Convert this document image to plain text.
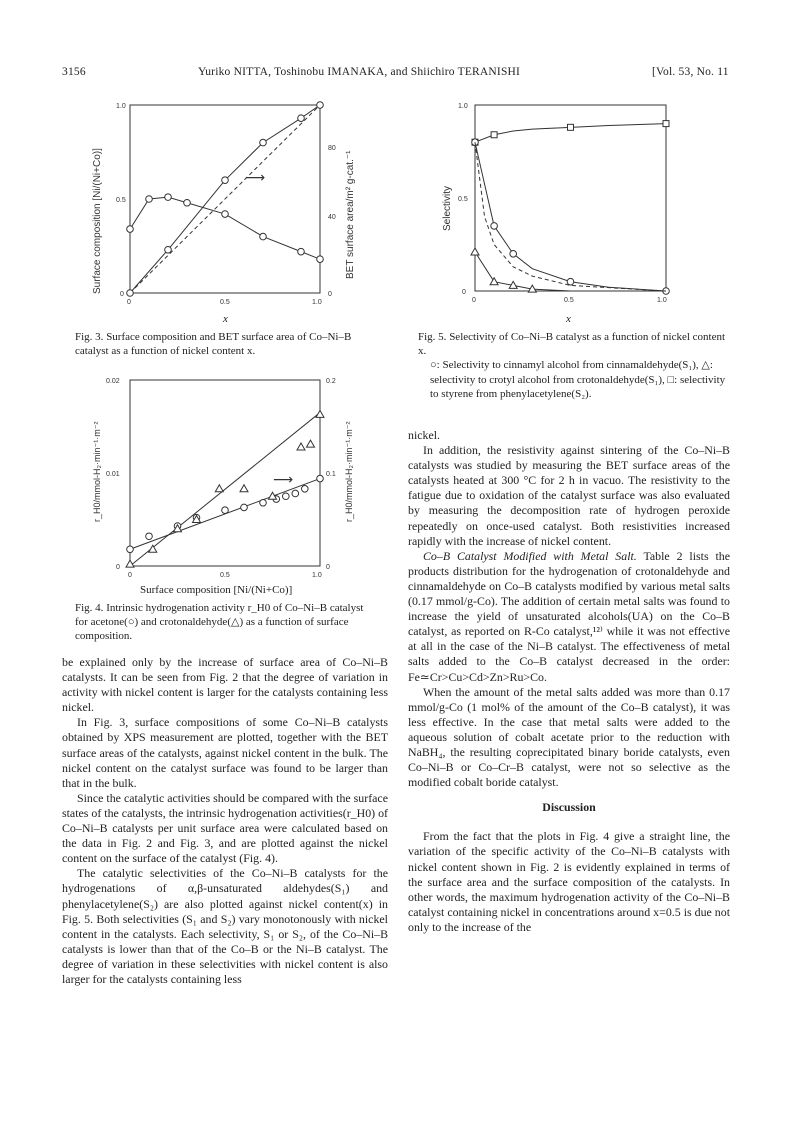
3156	Yuriko NITTA, Toshinobu IMANAKA, and Shiichiro TERANISHI	[Vol. 53, No. 11
Surface composition [Ni/(Ni+Co)]	BET surface area/m² g-cat.⁻¹
1.0
0.5
0
80
40
0
0	0.5	1.0
⟶
x
Fig. 3. Surface composition and BET surface area of Co–Ni–B catalyst as a function of nickel content x.
r_H0/mmol-H₂·min⁻¹·m⁻²	r_H0/mmol-H₂·min⁻¹·m⁻²
0.02
0.01
0
0.2
0.1
0
0	0.5	1.0
⟶
Surface composition [Ni/(Ni+Co)]
Fig. 4. Intrinsic hydrogenation activity r_H0 of Co–Ni–B catalyst for acetone(○) and crotonaldehyde(△) as a function of surface composition.

be explained only by the increase of surface area of Co–Ni–B catalysts. It can be seen from Fig. 2 that the degree of variation in activity with nickel content is larger for the catalysts containing less nickel.

In Fig. 3, surface compositions of some Co–Ni–B catalysts obtained by XPS measurement are plotted, together with the BET surface areas of the catalysts, against nickel content in the bulk. The nickel content on the catalyst surface was found to be larger than that in the bulk.

Since the catalytic activities should be compared with the surface states of the catalysts, the intrinsic hydrogenation activities(r_H0) of Co–Ni–B catalysts per unit surface area were calculated based on the data in Fig. 2 and Fig. 3, and are plotted against the nickel content on the surface of the catalyst (Fig. 4).

The catalytic selectivities of the Co–Ni–B catalysts for the hydrogenations of α,β-unsaturated aldehydes(S₁) and phenylacetylene(S₂) are also plotted against nickel content(x) in Fig. 5. Both selectivities (S₁ and S₂) vary monotonously with nickel content in the catalysts. Each selectivity, S₁ or S₂, of the Co–Ni–B catalysts is lower than that of the Co–B or the Ni–B catalyst. The degree of variation in these selectivities with nickel content is also larger for the catalysts containing less

Selectivity
1.0
0.5
0
0	0.5	1.0
x
Fig. 5. Selectivity of Co–Ni–B catalyst as a function of nickel content x.
○: Selectivity to cinnamyl alcohol from cinnamaldehyde(S₁), △: selectivity to crotyl alcohol from crotonaldehyde(S₁), □: selectivity to styrene from phenylacetylene(S₂).

nickel.

In addition, the resistivity against sintering of the Co–Ni–B catalysts was studied by measuring the BET surface areas of the catalysts heated at 300 °C for 2 h in vacuo. The resistivity to the fatigue due to oxidation of the catalyst surface was also evaluated by measuring the decomposition rate of hydrogen peroxide repeatedly on once-used catalyst. Both resistivities increased rapidly with the increase of nickel content.

Co–B Catalyst Modified with Metal Salt. Table 2 lists the products distribution for the hydrogenation of crotonaldehyde and cinnamaldehyde on Co–B catalysts modified by various metal salts (0.17 mmol/g-Co). The addition of certain metal salts was found to increase the yield of unsaturated alcohols(UA) on the Co–B catalyst, as reported on R-Co catalyst,¹²⁾ while it was not effective at all in the case of the Ni–B catalyst. The effectiveness of metal salts added to the Co–B catalyst decreased in the order: Fe≃Cr>Cu>Cd>Zn>Ru>Co.

When the amount of the metal salts added was more than 0.17 mmol/g-Co (1 mol% of the amount of the Co–B catalyst), it was less effective. In the case that metal salts were added to the aqueous solution of cobalt acetate prior to the reduction with NaBH₄, the resulting coprecipitated binary boride catalysts, even Co–Ni–B or Co–Cr–B catalyst, were not so selective as the modified cobalt boride catalyst.

Discussion

From the fact that the plots in Fig. 4 give a straight line, the variation of the specific activity of the Co–Ni–B catalysts with nickel content shown in Fig. 2 is evidently explained in terms of the surface area and the surface composition of the catalysts. In other words, the maximum hydrogenation activity of the Co–Ni–B catalyst containing nickel in concentrations around x=0.5 is due not only to the increase of the
